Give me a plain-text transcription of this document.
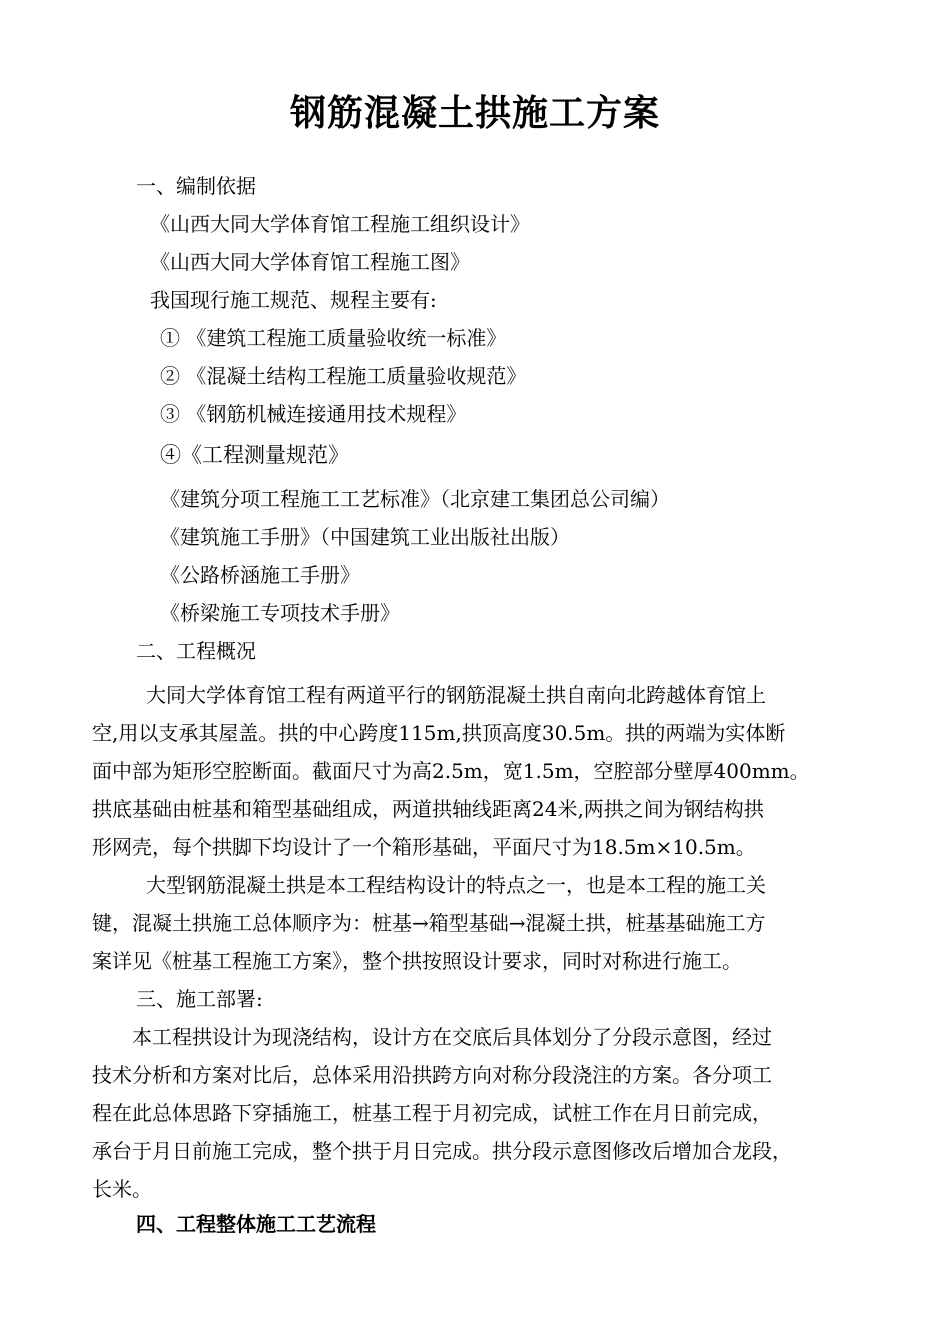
钢筋混凝土拱施工方案
一、编制依据
《山西大同大学体育馆工程施工组织设计》
《山西大同大学体育馆工程施工图》
我国现行施工规范、规程主要有:
① 《建筑工程施工质量验收统一标准》
② 《混凝土结构工程施工质量验收规范》
③ 《钢筋机械连接通用技术规程》
④《工程测量规范》
《建筑分项工程施工工艺标准》（北京建工集团总公司编）
《建筑施工手册》（中国建筑工业出版社出版）
《公路桥涵施工手册》
《桥梁施工专项技术手册》
二、工程概况
大同大学体育馆工程有两道平行的钢筋混凝土拱自南向北跨越体育馆上
空,用以支承其屋盖。拱的中心跨度115m,拱顶高度30.5m。拱的两端为实体断
面中部为矩形空腔断面。截面尺寸为高2.5m，宽1.5m，空腔部分壁厚400mm。
拱底基础由桩基和箱型基础组成，两道拱轴线距离24米,两拱之间为钢结构拱
形网壳，每个拱脚下均设计了一个箱形基础，平面尺寸为18.5m×10.5m。
大型钢筋混凝土拱是本工程结构设计的特点之一，也是本工程的施工关
键，混凝土拱施工总体顺序为：桩基→箱型基础→混凝土拱，桩基基础施工方
案详见《桩基工程施工方案》，整个拱按照设计要求，同时对称进行施工。
三、施工部署:
本工程拱设计为现浇结构，设计方在交底后具体划分了分段示意图，经过
技术分析和方案对比后，总体采用沿拱跨方向对称分段浇注的方案。各分项工
程在此总体思路下穿插施工，桩基工程于月初完成，试桩工作在月日前完成，
承台于月日前施工完成，整个拱于月日完成。拱分段示意图修改后增加合龙段，
长米。
四、工程整体施工工艺流程
